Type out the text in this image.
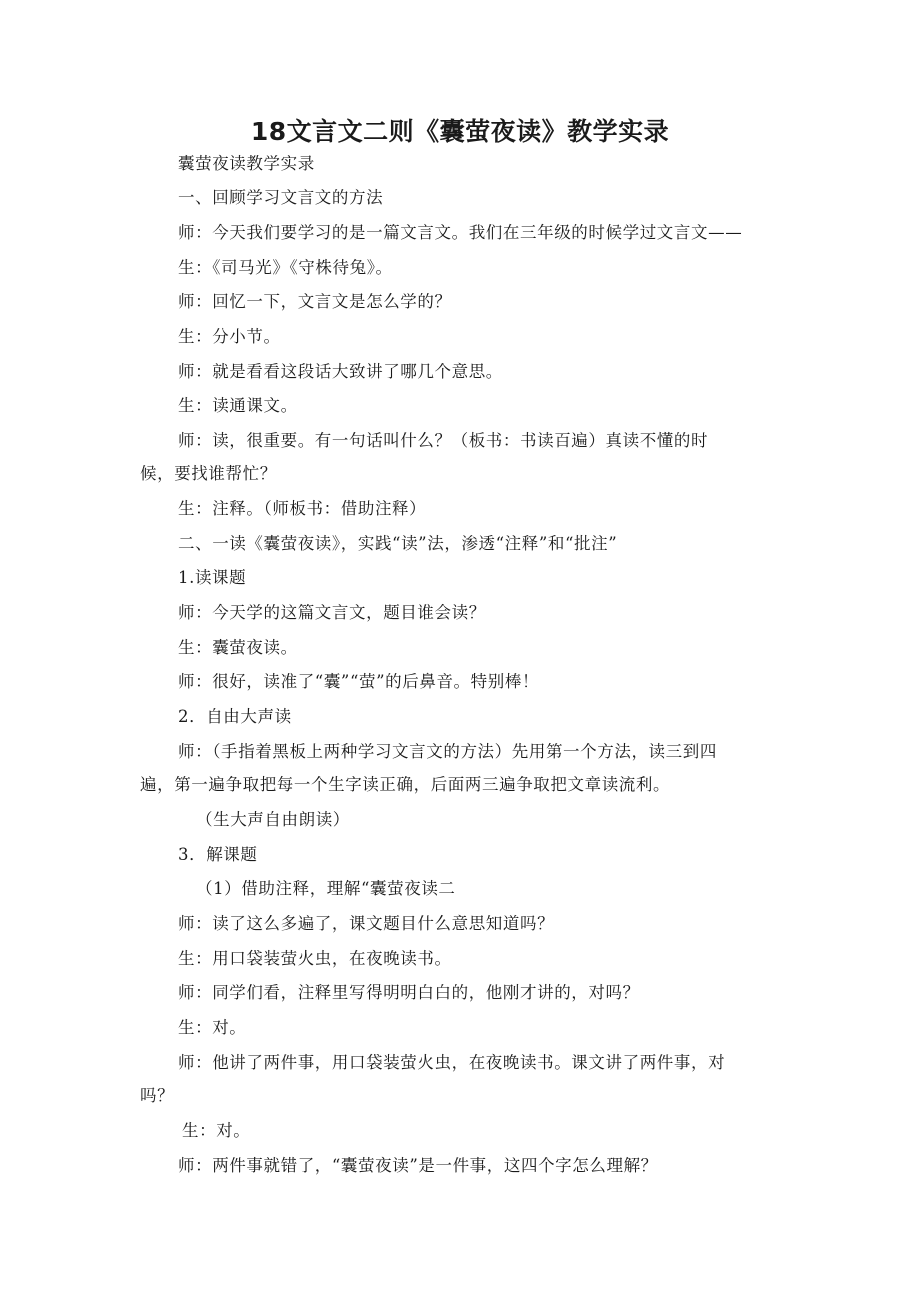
18文言文二则《囊萤夜读》教学实录

囊萤夜读教学实录

一、回顾学习文言文的方法

师：今天我们要学习的是一篇文言文。我们在三年级的时候学过文言文——

生：《司马光》《守株待兔》。

师：回忆一下，文言文是怎么学的？

生：分小节。

师：就是看看这段话大致讲了哪几个意思。

生：读通课文。

师：读，很重要。有一句话叫什么？（板书：书读百遍）真读不懂的时

候，要找谁帮忙？

生：注释。（师板书：借助注释）

二、一读《囊萤夜读》，实践“读”法，渗透“注释”和“批注”

1.读课题

师：今天学的这篇文言文，题目谁会读？

生：囊萤夜读。

师：很好，读准了“囊”“萤”的后鼻音。特别棒！

2．自由大声读

师：（手指着黑板上两种学习文言文的方法）先用第一个方法，读三到四

遍，第一遍争取把每一个生字读正确，后面两三遍争取把文章读流利。

（生大声自由朗读）

3．解课题

（1）借助注释，理解“囊萤夜读二

师：读了这么多遍了，课文题目什么意思知道吗？

生：用口袋装萤火虫，在夜晚读书。

师：同学们看，注释里写得明明白白的，他刚才讲的，对吗？

生：对。

师：他讲了两件事，用口袋装萤火虫，在夜晚读书。课文讲了两件事，对

吗？

生：对。

师：两件事就错了，“囊萤夜读”是一件事，这四个字怎么理解？
